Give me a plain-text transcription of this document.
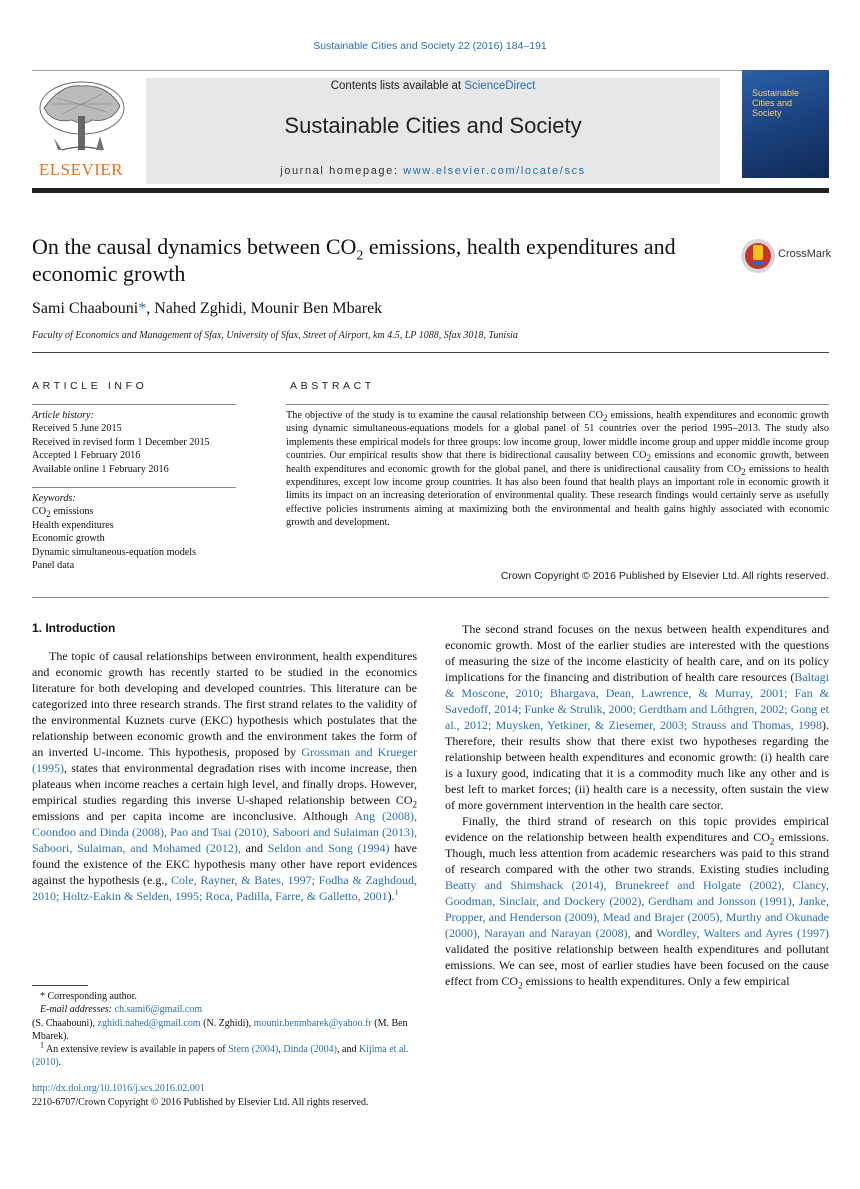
Sustainable Cities and Society 22 (2016) 184–191
ELSEVIER
Contents lists available at ScienceDirect
Sustainable Cities and Society
journal homepage: www.elsevier.com/locate/scs
Sustainable Cities and Society
On the causal dynamics between $CO_2$ emissions, health expenditures and economic growth
CrossMark
Sami Chaabouni*, Nahed Zghidi, Mounir Ben Mbarek
Faculty of Economics and Management of Sfax, University of Sfax, Street of Airport, km 4.5, LP 1088, Sfax 3018, Tunisia
ARTICLE INFO
Article history:
Received 5 June 2015
Received in revised form 1 December 2015
Accepted 1 February 2016
Available online 1 February 2016
Keywords:
$CO_2$ emissions
Health expenditures
Economic growth
Dynamic simultaneous-equation models
Panel data
ABSTRACT
The objective of the study is to examine the causal relationship between $CO_2$ emissions, health expenditures and economic growth using dynamic simultaneous-equations models for a global panel of 51 countries over the period 1995–2013. The study also implements these empirical models for three groups: low income group, lower middle income group and upper middle income group countries. Our empirical results show that there is bidirectional causality between $CO_2$ emissions and economic growth, between health expenditures and economic growth for the global panel, and there is unidirectional causality from $CO_2$ emissions to health expenditures, except low income group countries. It has also been found that health plays an important role in economic growth it limits its impact on an increasing deterioration of environmental quality. These research findings would certainly serve as usefully effective policies instruments aiming at maximizing both the environmental and health gains highly associated with economic growth and development.
Crown Copyright © 2016 Published by Elsevier Ltd. All rights reserved.
1. Introduction

The topic of causal relationships between environment, health expenditures and economic growth has recently started to be studied in the economics literature for both developing and developed countries. This literature can be categorized into three research strands. The first strand relates to the validity of the environmental Kuznets curve (EKC) hypothesis which postulates that the relationship between economic growth and the environment takes the form of an inverted U-income. This hypothesis, proposed by Grossman and Krueger (1995), states that environmental degradation rises with income increase, then plateaus when income reaches a certain high level, and finally drops. However, empirical studies regarding this inverse U-shaped relationship between $CO_2$ emissions and per capita income are inconclusive. Although Ang (2008), Coondoo and Dinda (2008), Pao and Tsai (2010), Saboori and Sulaiman (2013), Saboori, Sulaiman, and Mohamed (2012), and Seldon and Song (1994) have found the existence of the EKC hypothesis many other have report evidences against the hypothesis (e.g., Cole, Rayner, & Bates, 1997; Fodha & Zaghdoud, 2010; Holtz-Eakin & Selden, 1995; Roca, Padilla, Farre, & Galletto, 2001).$^1$

The second strand focuses on the nexus between health expenditures and economic growth. Most of the earlier studies are interested with the questions of measuring the size of the income elasticity of health care, and on its policy implications for the financing and distribution of health care resources (Baltagi & Moscone, 2010; Bhargava, Dean, Lawrence, & Murray, 2001; Fan & Savedoff, 2014; Funke & Strulik, 2000; Gerdtham and Lôthgren, 2002; Gong et al., 2012; Muysken, Yetkiner, & Ziesemer, 2003; Strauss and Thomas, 1998). Therefore, their results show that there exist two hypotheses regarding the relationship between health expenditures and economic growth: (i) health care is a luxury good, indicating that it is a commodity much like any other and is best left to market forces; (ii) health care is a necessity, often sustain the view of more government intervention in the health care sector.

Finally, the third strand of research on this topic provides empirical evidence on the relationship between health expenditures and $CO_2$ emissions. Though, much less attention from academic researchers was paid to this strand of research compared with the other two strands. Existing studies including Beatty and Shimshack (2014), Brunekreef and Holgate (2002), Clancy, Goodman, Sinclair, and Dockery (2002), Gerdham and Jonsson (1991), Janke, Propper, and Henderson (2009), Mead and Brajer (2005), Murthy and Okunade (2000), Narayan and Narayan (2008), and Wordley, Walters and Ayres (1997) validated the positive relationship between health expenditures and pollutant emissions. We can see, most of earlier studies have been focused on the cause effect from $CO_2$ emissions to health expenditures. Only a few empirical

* Corresponding author.
E-mail addresses: ch.sami6@gmail.com
(S. Chaabouni), zghidi.nahed@gmail.com (N. Zghidi), mounir.benmbarek@yahoo.fr (M. Ben Mbarek).
$^1$ An extensive review is available in papers of Stern (2004), Dinda (2004), and Kijima et al. (2010).
http://dx.doi.org/10.1016/j.scs.2016.02.001
2210-6707/Crown Copyright © 2016 Published by Elsevier Ltd. All rights reserved.
